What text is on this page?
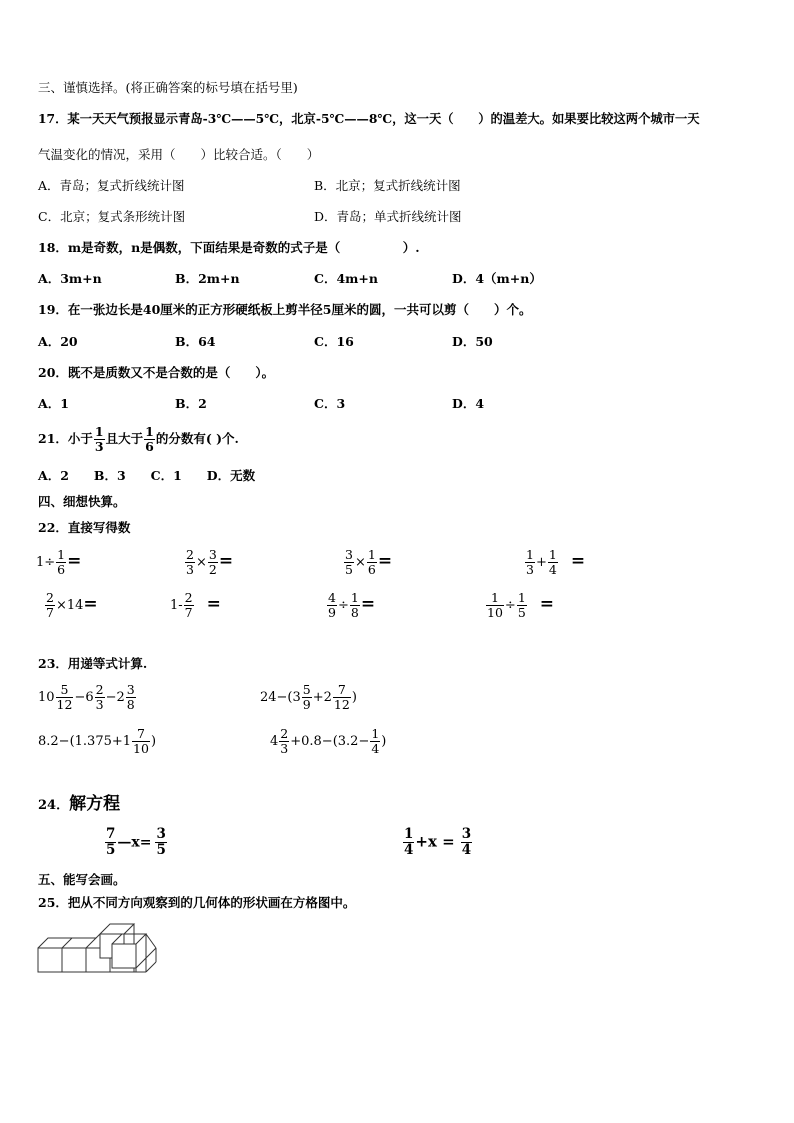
三、谨慎选择。(将正确答案的标号填在括号里)
17．某一天天气预报显示青岛-3℃——5℃，北京-5℃——8℃，这一天（　　）的温差大。如果要比较这两个城市一天
气温变化的情况，采用（　　）比较合适。（　　）
A．青岛；复式折线统计图	B．北京；复式折线统计图
C．北京；复式条形统计图	D．青岛；单式折线统计图
18．m是奇数，n是偶数，下面结果是奇数的式子是（　　　　　）.
A．3m+n	B．2m+n	C．4m+n	D．4（m+n）
19．在一张边长是40厘米的正方形硬纸板上剪半径5厘米的圆，一共可以剪（　　）个。
A．20	B．64	C．16	D．50
20．既不是质数又不是合数的是（　　）。
A．1	B．2	C．3	D．4
21．小于 $\frac{1}{3}$ 且大于 $\frac{1}{6}$ 的分数有( )个.
A．2　　B．3　　C．1　　D．无数
四、细想快算。
22．直接写得数
$1\div \frac{1}{6}$ =	$\frac{2}{3} \times \frac{3}{2}$ =	$\frac{3}{5} \times \frac{1}{6}$ =	$\frac{1}{3} + \frac{1}{4}$ =
$\frac{2}{7} \times 14=$	$1- \frac{2}{7}$ =	$\frac{4}{9} \div \frac{1}{8}$ =	$\frac{1}{10} \div \frac{1}{5}$ =
23．用递等式计算.
$10 \frac{5}{12} -6 \frac{2}{3} -2 \frac{3}{8}$	$24-(3 \frac{5}{9} +2 \frac{7}{12}$ )
$8.2-(1.375+1 \frac{7}{10}$ )	$4 \frac{2}{3} +0.8-(3.2- \frac{1}{4}$ )
24．解方程
$\frac{7}{5}$ —x= $\frac{3}{5}$	$\frac{1}{4} +x = \frac{3}{4}$
五、能写会画。
25．把从不同方向观察到的几何体的形状画在方格图中。
